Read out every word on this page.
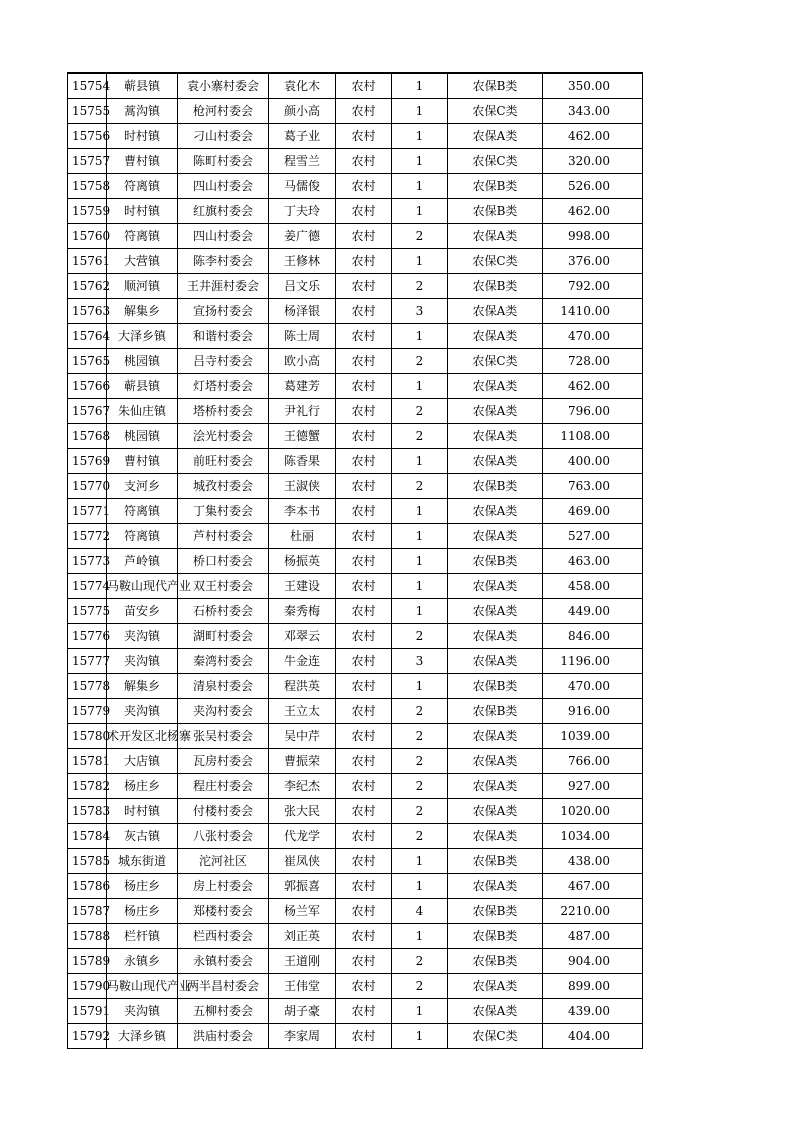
15754	蕲县镇	袁小寨村委会	袁化木	农村	1	农保B类	350.00
15755	蒿沟镇	枪河村委会	颜小高	农村	1	农保C类	343.00
15756	时村镇	刁山村委会	葛子业	农村	1	农保A类	462.00
15757	曹村镇	陈町村委会	程雪兰	农村	1	农保C类	320.00
15758	符离镇	四山村委会	马儒俊	农村	1	农保B类	526.00
15759	时村镇	红旗村委会	丁夫玲	农村	1	农保B类	462.00
15760	符离镇	四山村委会	姜广德	农村	2	农保A类	998.00
15761	大营镇	陈李村委会	王修林	农村	1	农保C类	376.00
15762	顺河镇	王井涯村委会	吕文乐	农村	2	农保B类	792.00
15763	解集乡	宣扬村委会	杨泽银	农村	3	农保A类	1410.00
15764	大泽乡镇	和谐村委会	陈士周	农村	1	农保A类	470.00
15765	桃园镇	吕寺村委会	欧小高	农村	2	农保C类	728.00
15766	蕲县镇	灯塔村委会	葛建芳	农村	1	农保A类	462.00
15767	朱仙庄镇	塔桥村委会	尹礼行	农村	2	农保A类	796.00
15768	桃园镇	浍光村委会	王德蟹	农村	2	农保A类	1108.00
15769	曹村镇	前旺村委会	陈香果	农村	1	农保A类	400.00
15770	支河乡	城孜村委会	王淑侠	农村	2	农保B类	763.00
15771	符离镇	丁集村委会	李本书	农村	1	农保A类	469.00
15772	符离镇	芦村村委会	杜丽	农村	1	农保A类	527.00
15773	芦岭镇	桥口村委会	杨振英	农村	1	农保B类	463.00
15774	马鞍山现代产业	双王村委会	王建设	农村	1	农保A类	458.00
15775	苗安乡	石桥村委会	秦秀梅	农村	1	农保A类	449.00
15776	夹沟镇	湖町村委会	邓翠云	农村	2	农保A类	846.00
15777	夹沟镇	秦湾村委会	牛金连	农村	3	农保A类	1196.00
15778	解集乡	清泉村委会	程洪英	农村	1	农保B类	470.00
15779	夹沟镇	夹沟村委会	王立太	农村	2	农保B类	916.00
15780	术开发区北杨寨	张吴村委会	吴中芹	农村	2	农保A类	1039.00
15781	大店镇	瓦房村委会	曹振荣	农村	2	农保A类	766.00
15782	杨庄乡	程庄村委会	李纪杰	农村	2	农保A类	927.00
15783	时村镇	付楼村委会	张大民	农村	2	农保A类	1020.00
15784	灰古镇	八张村委会	代龙学	农村	2	农保A类	1034.00
15785	城东街道	沱河社区	崔凤侠	农村	1	农保B类	438.00
15786	杨庄乡	房上村委会	郭振喜	农村	1	农保A类	467.00
15787	杨庄乡	郑楼村委会	杨兰军	农村	4	农保B类	2210.00
15788	栏杆镇	栏西村委会	刘正英	农村	1	农保B类	487.00
15789	永镇乡	永镇村委会	王道刚	农村	2	农保B类	904.00
15790	马鞍山现代产业	两半昌村委会	王伟堂	农村	2	农保A类	899.00
15791	夹沟镇	五柳村委会	胡子豪	农村	1	农保A类	439.00
15792	大泽乡镇	洪庙村委会	李家周	农村	1	农保C类	404.00
